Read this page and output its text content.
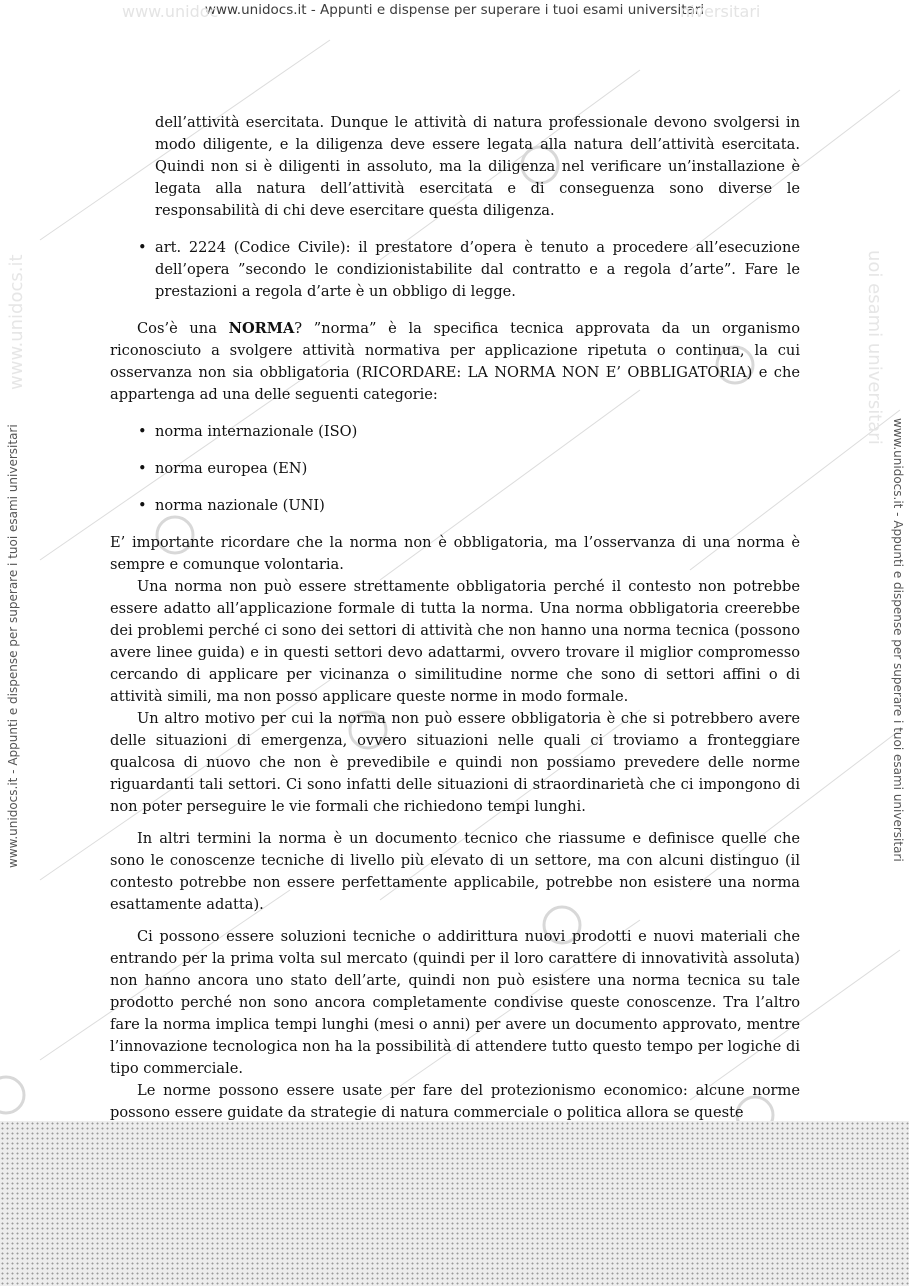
www.unidoc
www.unidocs.it - Appunti e dispense per superare i tuoi esami universitari
niversitari
www.unidocs.it - Appunti e dispense per superare i tuoi esami universitari	www.unidocs.it - Appunti e dispense per superare i tuoi esami universitari
www.unidocs.it	uoi esami universitari

dell’attività esercitata. Dunque le attività di natura professionale devono svolgersi in modo diligente, e la diligenza deve essere legata alla natura dell’attività esercitata. Quindi non si è diligenti in assoluto, ma la diligenza nel verificare un’installazione è legata alla natura dell’attività esercitata e di conseguenza sono diverse le responsabilità di chi deve esercitare questa diligenza.

• art. 2224 (Codice Civile): il prestatore d’opera è tenuto a procedere all’esecuzione dell’opera ”secondo le condizionistabilite dal contratto e a regola d’arte”. Fare le prestazioni a regola d’arte è un obbligo di legge.

Cos’è una NORMA? ”norma” è la specifica tecnica approvata da un organismo riconosciuto a svolgere attività normativa per applicazione ripetuta o continua, la cui osservanza non sia obbligatoria (RICORDARE: LA NORMA NON E’ OBBLIGATORIA) e che appartenga ad una delle seguenti categorie:

• norma internazionale (ISO)
• norma europea (EN)
• norma nazionale (UNI)

E’ importante ricordare che la norma non è obbligatoria, ma l’osservanza di una norma è sempre e comunque volontaria.

Una norma non può essere strettamente obbligatoria perché il contesto non potrebbe essere adatto all’applicazione formale di tutta la norma. Una norma obbligatoria creerebbe dei problemi perché ci sono dei settori di attività che non hanno una norma tecnica (possono avere linee guida) e in questi settori devo adattarmi, ovvero trovare il miglior compromesso cercando di applicare per vicinanza o similitudine norme che sono di settori affini o di attività simili, ma non posso applicare queste norme in modo formale.

Un altro motivo per cui la norma non può essere obbligatoria è che si potrebbero avere delle situazioni di emergenza, ovvero situazioni nelle quali ci troviamo a fronteggiare qualcosa di nuovo che non è prevedibile e quindi non possiamo prevedere delle norme riguardanti tali settori. Ci sono infatti delle situazioni di straordinarietà che ci impongono di non poter perseguire le vie formali che richiedono tempi lunghi.

In altri termini la norma è un documento tecnico che riassume e definisce quelle che sono le conoscenze tecniche di livello più elevato di un settore, ma con alcuni distinguo (il contesto potrebbe non essere perfettamente applicabile, potrebbe non esistere una norma esattamente adatta).

Ci possono essere soluzioni tecniche o addirittura nuovi prodotti e nuovi materiali che entrando per la prima volta sul mercato (quindi per il loro carattere di innovatività assoluta) non hanno ancora uno stato dell’arte, quindi non può esistere una norma tecnica su tale prodotto perché non sono ancora completamente condivise queste conoscenze. Tra l’altro fare la norma implica tempi lunghi (mesi o anni) per avere un documento approvato, mentre l’innovazione tecnologica non ha la possibilità di attendere tutto questo tempo per logiche di tipo commerciale.

Le norme possono essere usate per fare del protezionismo economico: alcune norme possono essere guidate da strategie di natura commerciale o politica allora se queste
